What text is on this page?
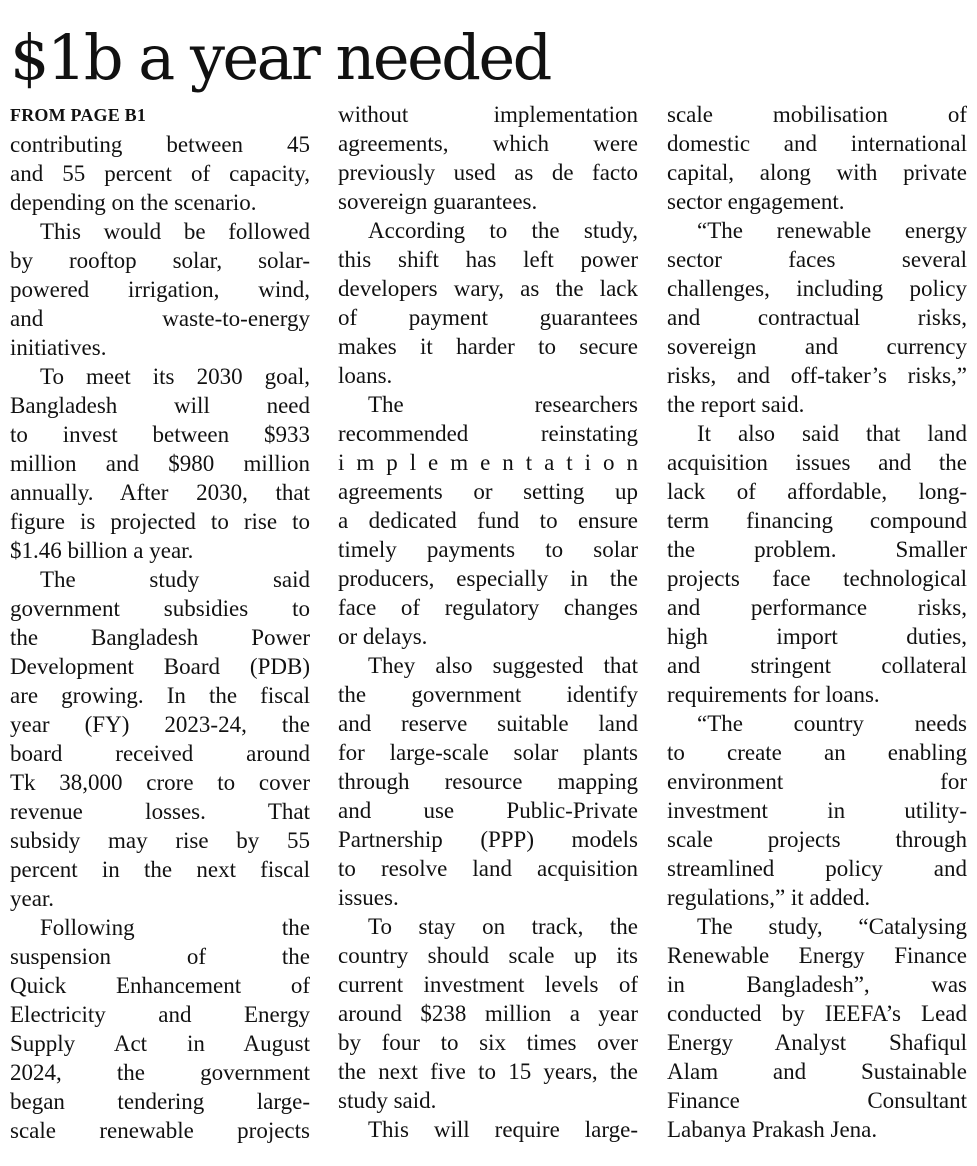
$1b a year needed
FROM PAGE B1

contributing between 45

and 55 percent of capacity,

depending on the scenario.

This would be followed

by rooftop solar, solar-

powered irrigation, wind,

and waste-to-energy

initiatives.

To meet its 2030 goal,

Bangladesh will need

to invest between $933

million and $980 million

annually. After 2030, that

figure is projected to rise to

$1.46 billion a year.

The study said

government subsidies to

the Bangladesh Power

Development Board (PDB)

are growing. In the fiscal

year (FY) 2023-24, the

board received around

Tk 38,000 crore to cover

revenue losses. That

subsidy may rise by 55

percent in the next fiscal

year.

Following the

suspension of the

Quick Enhancement of

Electricity and Energy

Supply Act in August

2024, the government

began tendering large-

scale renewable projects

without implementation

agreements, which were

previously used as de facto

sovereign guarantees.

According to the study,

this shift has left power

developers wary, as the lack

of payment guarantees

makes it harder to secure

loans.

The researchers

recommended reinstating

i m p l e m e n t a t i o n

agreements or setting up

a dedicated fund to ensure

timely payments to solar

producers, especially in the

face of regulatory changes

or delays.

They also suggested that

the government identify

and reserve suitable land

for large-scale solar plants

through resource mapping

and use Public-Private

Partnership (PPP) models

to resolve land acquisition

issues.

To stay on track, the

country should scale up its

current investment levels of

around $238 million a year

by four to six times over

the next five to 15 years, the

study said.

This will require large-

scale mobilisation of

domestic and international

capital, along with private

sector engagement.

“The renewable energy

sector faces several

challenges, including policy

and contractual risks,

sovereign and currency

risks, and off-taker’s risks,”

the report said.

It also said that land

acquisition issues and the

lack of affordable, long-

term financing compound

the problem. Smaller

projects face technological

and performance risks,

high import duties,

and stringent collateral

requirements for loans.

“The country needs

to create an enabling

environment for

investment in utility-

scale projects through

streamlined policy and

regulations,” it added.

The study, “Catalysing

Renewable Energy Finance

in Bangladesh”, was

conducted by IEEFA’s Lead

Energy Analyst Shafiqul

Alam and Sustainable

Finance Consultant

Labanya Prakash Jena.
